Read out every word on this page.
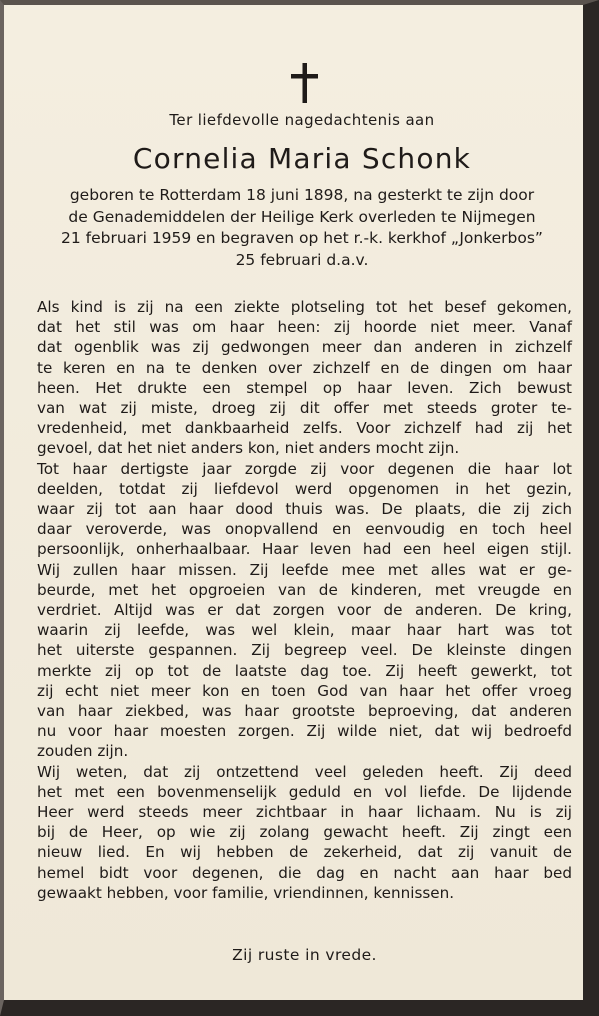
Ter liefdevolle nagedachtenis aan
Cornelia Maria Schonk
geboren te Rotterdam 18 juni 1898, na gesterkt te zijn door
de Genademiddelen der Heilige Kerk overleden te Nijmegen
21 februari 1959 en begraven op het r.-k. kerkhof „Jonkerbos”
25 februari d.a.v.
Als kind is zij na een ziekte plotseling tot het besef gekomen,
dat het stil was om haar heen: zij hoorde niet meer. Vanaf
dat ogenblik was zij gedwongen meer dan anderen in zichzelf
te keren en na te denken over zichzelf en de dingen om haar
heen. Het drukte een stempel op haar leven. Zich bewust
van wat zij miste, droeg zij dit offer met steeds groter te-
vredenheid, met dankbaarheid zelfs. Voor zichzelf had zij het
gevoel, dat het niet anders kon, niet anders mocht zijn.
Tot haar dertigste jaar zorgde zij voor degenen die haar lot
deelden, totdat zij liefdevol werd opgenomen in het gezin,
waar zij tot aan haar dood thuis was. De plaats, die zij zich
daar veroverde, was onopvallend en eenvoudig en toch heel
persoonlijk, onherhaalbaar. Haar leven had een heel eigen stijl.
Wij zullen haar missen. Zij leefde mee met alles wat er ge-
beurde, met het opgroeien van de kinderen, met vreugde en
verdriet. Altijd was er dat zorgen voor de anderen. De kring,
waarin zij leefde, was wel klein, maar haar hart was tot
het uiterste gespannen. Zij begreep veel. De kleinste dingen
merkte zij op tot de laatste dag toe. Zij heeft gewerkt, tot
zij echt niet meer kon en toen God van haar het offer vroeg
van haar ziekbed, was haar grootste beproeving, dat anderen
nu voor haar moesten zorgen. Zij wilde niet, dat wij bedroefd
zouden zijn.
Wij weten, dat zij ontzettend veel geleden heeft. Zij deed
het met een bovenmenselijk geduld en vol liefde. De lijdende
Heer werd steeds meer zichtbaar in haar lichaam. Nu is zij
bij de Heer, op wie zij zolang gewacht heeft. Zij zingt een
nieuw lied. En wij hebben de zekerheid, dat zij vanuit de
hemel bidt voor degenen, die dag en nacht aan haar bed
gewaakt hebben, voor familie, vriendinnen, kennissen.
Zij ruste in vrede.
